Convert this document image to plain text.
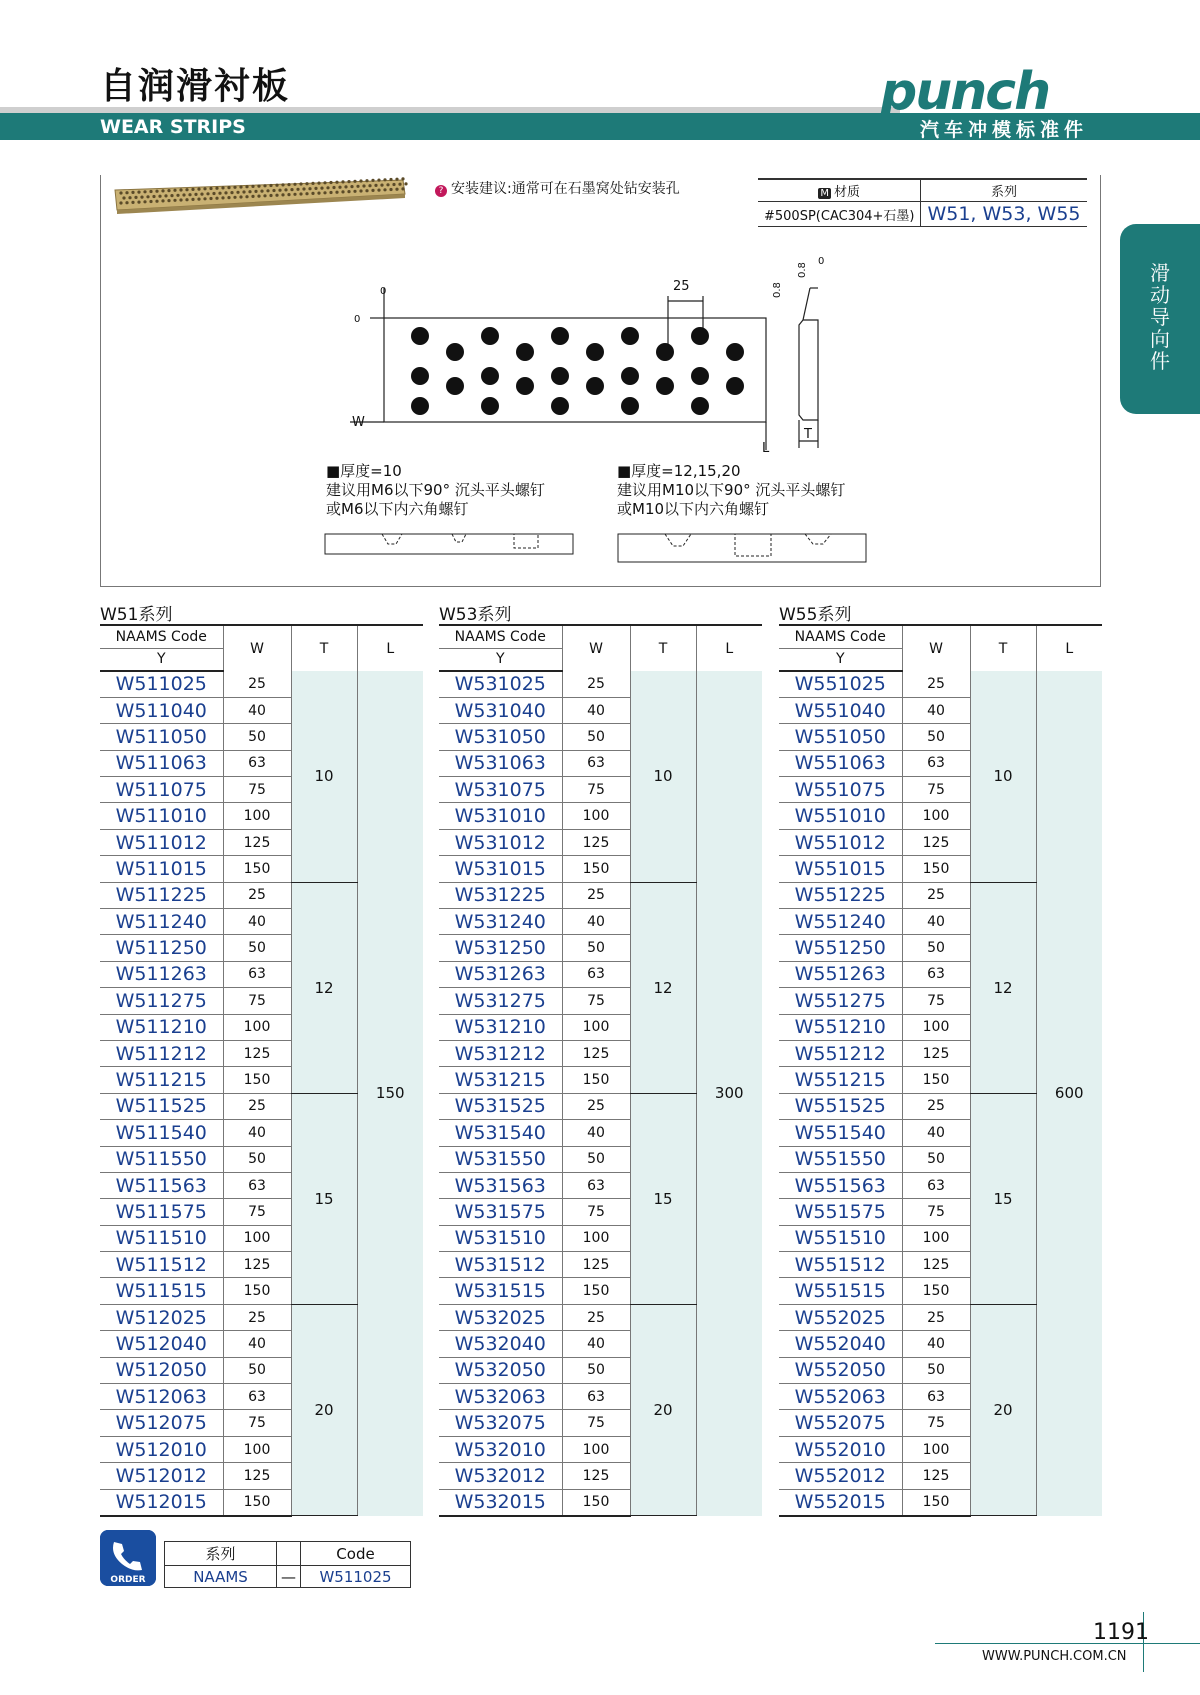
自润滑衬板
WEAR STRIPS
punch
汽车冲模标准件
滑动导向件
? 安装建议:通常可在石墨窝处钻安装孔	M 材质	系列
#500SP(CAC304+石墨)	W51, W53, W55
25
W
L
T
0.8
0.8
0
0
0
■厚度=10
建议用M6以下90° 沉头平头螺钉
或M6以下内六角螺钉
■厚度=12,15,20
建议用M10以下90° 沉头平头螺钉
或M10以下内六角螺钉
W51系列
NAAMS Code	W	T	L
Y			
W511025	25	10	150
W511040	40		
W511050	50		
W511063	63		
W511075	75		
W511010	100		
W511012	125		
W511015	150		
W511225	25	12	
W511240	40		
W511250	50		
W511263	63		
W511275	75		
W511210	100		
W511212	125		
W511215	150		
W511525	25	15	
W511540	40		
W511550	50		
W511563	63		
W511575	75		
W511510	100		
W511512	125		
W511515	150		
W512025	25	20	
W512040	40		
W512050	50		
W512063	63		
W512075	75		
W512010	100		
W512012	125		
W512015	150		
W53系列
NAAMS Code	W	T	L
Y			
W531025	25	10	300
W531040	40		
W531050	50		
W531063	63		
W531075	75		
W531010	100		
W531012	125		
W531015	150		
W531225	25	12	
W531240	40		
W531250	50		
W531263	63		
W531275	75		
W531210	100		
W531212	125		
W531215	150		
W531525	25	15	
W531540	40		
W531550	50		
W531563	63		
W531575	75		
W531510	100		
W531512	125		
W531515	150		
W532025	25	20	
W532040	40		
W532050	50		
W532063	63		
W532075	75		
W532010	100		
W532012	125		
W532015	150		
W55系列
NAAMS Code	W	T	L
Y			
W551025	25	10	600
W551040	40		
W551050	50		
W551063	63		
W551075	75		
W551010	100		
W551012	125		
W551015	150		
W551225	25	12	
W551240	40		
W551250	50		
W551263	63		
W551275	75		
W551210	100		
W551212	125		
W551215	150		
W551525	25	15	
W551540	40		
W551550	50		
W551563	63		
W551575	75		
W551510	100		
W551512	125		
W551515	150		
W552025	25	20	
W552040	40		
W552050	50		
W552063	63		
W552075	75		
W552010	100		
W552012	125		
W552015	150		
ORDER
系列		Code
NAAMS	—	W511025
1191
WWW.PUNCH.COM.CN
